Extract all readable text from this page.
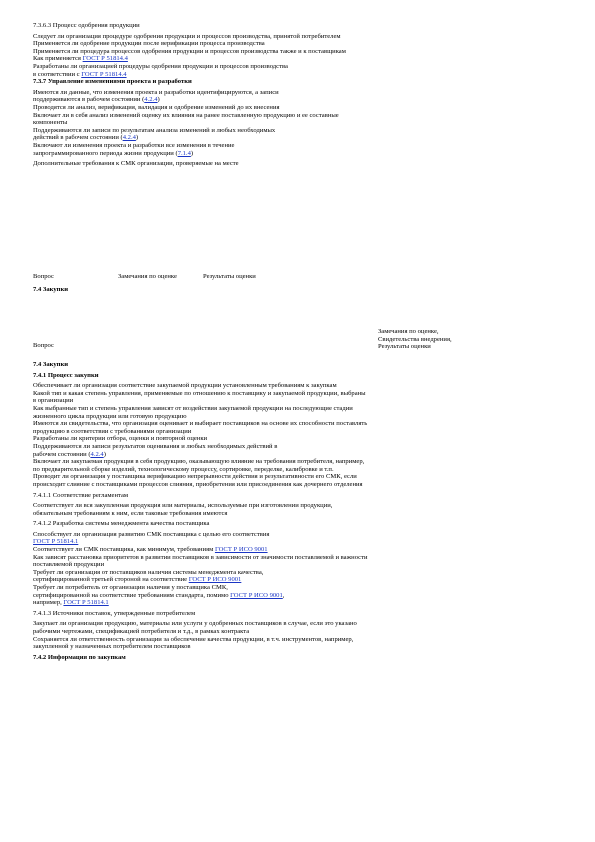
7.3.6.3 Процесс одобрения продукции

Следует ли организация процедуре одобрения продукции и процессов производства, принятой потребителем

Применяется ли одобрение продукции после верификации процесса производства

Применяется ли процедура процессов одобрения продукции и процессов производства также и к поставщикам

Как применяется ГОСТ Р 51814.4

Разработаны ли организацией процедуры одобрения продукции и процессов производства

в соответствии с ГОСТ Р 51814.4

7.3.7 Управление изменениями проекта и разработки

Имеются ли данные, что изменения проекта и разработки идентифицируются, а записи

поддерживаются в рабочем состоянии (4.2.4)

Проводятся ли анализ, верификация, валидация и одобрение изменений до их внесения

Включает ли в себя анализ изменений оценку их влияния на ранее поставленную продукцию и ее составные компоненты

Поддерживаются ли записи по результатам анализа изменений и любых необходимых

действий в рабочем состоянии (4.2.4)

Включают ли изменения проекта и разработки все изменения в течение

запрограммированного периода жизни продукции (7.1.4)

Дополнительные требования к СМК организации, проверяемые на месте

Вопрос	Замечания по оценке	Результаты оценки
7.4 Закупки
Вопрос
Замечания по оценке,
Свидетельства внедрения,
Результаты оценки

7.4 Закупки

7.4.1 Процесс закупки

Обеспечивает ли организация соответствие закупаемой продукции установленным требованиям к закупкам

Какой тип и какая степень управления, применяемые по отношению к поставщику и закупаемой продукции, выбраны в организации

Как выбранные тип и степень управления зависят от воздействия закупаемой продукции на последующие стадии жизненного цикла продукции или готовую продукцию

Имеются ли свидетельства, что организация оценивает и выбирает поставщиков на основе их способности поставлять продукцию в соответствии с требованиями организации

Разработаны ли критерии отбора, оценки и повторной оценки

Поддерживаются ли записи результатов оценивания и любых необходимых действий в

рабочем состоянии (4.2.4)

Включает ли закупаемая продукция в себя продукцию, оказывающую влияние на требования потребителя, например, по предварительной сборке изделий, технологическому процессу, сортировке, переделке, калибровке и т.п.

Проводит ли организация у поставщика верификацию непрерывности действия и результативности его СМК, если происходит слияние с поставщиками процессов слияния, приобретения или присоединения как дочернего отделения

7.4.1.1 Соответствие регламентам

Соответствует ли вся закупленная продукция или материалы, используемые при изготовлении продукции, обязательным требованиям к ним, если таковые требования имеются

7.4.1.2 Разработка системы менеджмента качества поставщика

Способствует ли организация развитию СМК поставщика с целью его соответствия

ГОСТ Р 51814.1

Соответствует ли СМК поставщика, как минимум, требованиям ГОСТ Р ИСО 9001

Как зависят расстановка приоритетов в развитии поставщиков в зависимости от значимости поставляемой и важности поставляемой продукции

Требует ли организация от поставщиков наличия системы менеджмента качества,

сертифицированной третьей стороной на соответствие ГОСТ Р ИСО 9001

Требует ли потребитель от организации наличия у поставщика СМК,

сертифицированной на соответствие требованиям стандарта, помимо ГОСТ Р ИСО 9001,

например, ГОСТ Р 51814.1

7.4.1.3 Источники поставок, утвержденные потребителем

Закупает ли организация продукцию, материалы или услуги у одобренных поставщиков в случае, если это указано рабочими чертежами, спецификацией потребителя и т.д., в рамках контракта

Сохраняется ли ответственность организации за обеспечение качества продукции, в т.ч. инструментов, например, закупленной у назначенных потребителем поставщиков

7.4.2 Информация по закупкам
